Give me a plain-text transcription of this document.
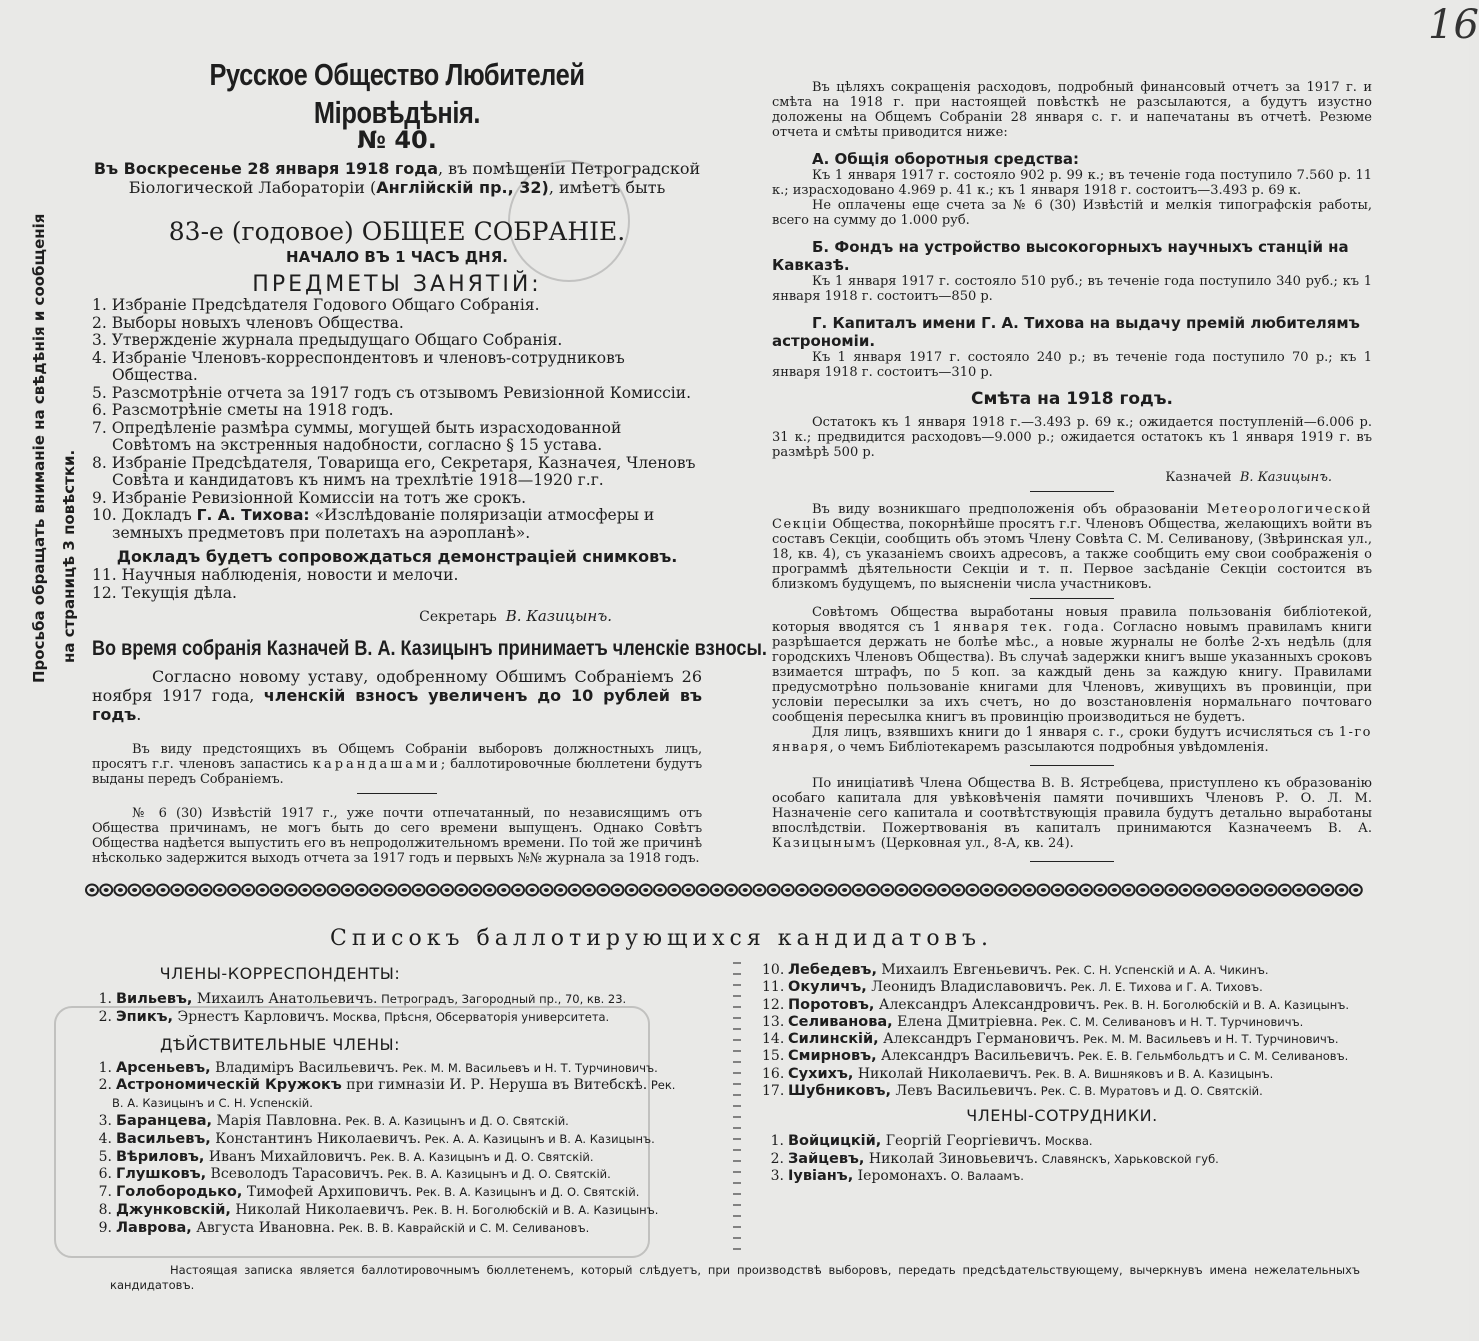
16
Просьба обращать вниманіе на свѣдѣнія и сообщенія на страницѣ 3 повѣстки.
Русское Общество Любителей Міровѣдѣнія.
№ 40.

Въ Воскресенье 28 января 1918 года, въ помѣщеніи Петроградской

Біологической Лабораторіи (Англійскій пр., 32), имѣетъ быть

83-е (годовое) ОБЩЕЕ СОБРАНІЕ.
НАЧАЛО ВЪ 1 ЧАСЪ ДНЯ.
ПРЕДМЕТЫ ЗАНЯТІЙ:
1. Избраніе Предсѣдателя Годового Общаго Собранія.
2. Выборы новыхъ членовъ Общества.
3. Утвержденіе журнала предыдущаго Общаго Собранія.
4. Избраніе Членовъ-корреспондентовъ и членовъ-сотрудниковъ Общества.
5. Разсмотрѣніе отчета за 1917 годъ съ отзывомъ Ревизіонной Комиссіи.
6. Разсмотрѣніе сметы на 1918 годъ.
7. Опредѣленіе размѣра суммы, могущей быть израсходованной Совѣтомъ на экстренныя надобности, согласно § 15 устава.
8. Избраніе Предсѣдателя, Товарища его, Секретаря, Казначея, Членовъ Совѣта и кандидатовъ къ нимъ на трехлѣтіе 1918—1920 г.г.
9. Избраніе Ревизіонной Комиссіи на тотъ же срокъ.
10. Докладъ Г. А. Тихова: «Изслѣдованіе поляризаціи атмосферы и земныхъ предметовъ при полетахъ на аэропланѣ».
Докладъ будетъ сопровождаться демонстраціей снимковъ.
11. Научныя наблюденія, новости и мелочи.
12. Текущія дѣла.
Секретарь В. Казицынъ.
Во время собранія Казначей В. А. Казицынъ принимаетъ членскіе взносы.

Согласно новому уставу, одобренному Обшимъ Собраніемъ 26 ноября 1917 года, членскій взносъ увеличенъ до 10 рублей въ годъ.

Въ виду предстоящихъ въ Общемъ Собраніи выборовъ должностныхъ лицъ, просятъ г.г. членовъ запастись карандашами; баллотировочные бюллетени будутъ выданы передъ Собраніемъ.

№ 6 (30) Извѣстій 1917 г., уже почти отпечатанный, по независящимъ отъ Общества причинамъ, не могъ быть до сего времени выпущенъ. Однако Совѣтъ Общества надѣется выпустить его въ непродолжительномъ времени. По той же причинѣ нѣсколько задержится выходъ отчета за 1917 годъ и первыхъ №№ журнала за 1918 годъ.

Въ цѣляхъ сокращенія расходовъ, подробный финансовый отчетъ за 1917 г. и смѣта на 1918 г. при настоящей повѣсткѣ не разсылаются, а будутъ изустно доложены на Общемъ Собраніи 28 января с. г. и напечатаны въ отчетѣ. Резюме отчета и смѣты приводится ниже:

А. Общія оборотныя средства:

Къ 1 января 1917 г. состояло 902 р. 99 к.; въ теченіе года поступило 7.560 р. 11 к.; израсходовано 4.969 р. 41 к.; къ 1 января 1918 г. состоитъ—3.493 р. 69 к.

Не оплачены еще счета за № 6 (30) Извѣстій и мелкія типографскія работы, всего на сумму до 1.000 руб.

Б. Фондъ на устройство высокогорныхъ научныхъ станцій на Кавказѣ.

Къ 1 января 1917 г. состояло 510 руб.; въ теченіе года поступило 340 руб.; къ 1 января 1918 г. состоитъ—850 р.

Г. Капиталъ имени Г. А. Тихова на выдачу премій любителямъ астрономіи.

Къ 1 января 1917 г. состояло 240 р.; въ теченіе года поступило 70 р.; къ 1 января 1918 г. состоитъ—310 р.

Смѣта на 1918 годъ.

Остатокъ къ 1 января 1918 г.—3.493 р. 69 к.; ожидается поступленій—6.006 р. 31 к.; предвидится расходовъ—9.000 р.; ожидается остатокъ къ 1 января 1919 г. въ размѣрѣ 500 р.

Казначей В. Казицынъ.

Въ виду возникшаго предположенія объ образованіи Метеорологической Секціи Общества, покорнѣйше просятъ г.г. Членовъ Общества, желающихъ войти въ составъ Секціи, сообщить объ этомъ Члену Совѣта С. М. Селиванову, (Звѣринская ул., 18, кв. 4), съ указаніемъ своихъ адресовъ, а также сообщить ему свои соображенія о программѣ дѣятельности Секціи и т. п. Первое засѣданіе Секціи состоится въ близкомъ будущемъ, по выясненіи числа участниковъ.

Совѣтомъ Общества выработаны новыя правила пользованія библіотекой, которыя вводятся съ 1 января тек. года. Согласно новымъ правиламъ книги разрѣшается держать не болѣе мѣс., а новые журналы не болѣе 2-хъ недѣль (для городскихъ Членовъ Общества). Въ случаѣ задержки книгъ выше указанныхъ сроковъ взимается штрафъ, по 5 коп. за каждый день за каждую книгу. Правилами предусмотрѣно пользованіе книгами для Членовъ, живущихъ въ провинціи, при условіи пересылки за ихъ счетъ, но до возстановленія нормальнаго почтоваго сообщенія пересылка книгъ въ провинцію производиться не будетъ.

Для лицъ, взявшихъ книги до 1 января с. г., сроки будутъ исчисляться съ 1-го января, о чемъ Библіотекаремъ разсылаются подробныя увѣдомленія.

По иниціативѣ Члена Общества В. В. Ястребцева, приступлено къ образованію особаго капитала для увѣковѣченія памяти почившихъ Членовъ Р. О. Л. М. Назначеніе сего капитала и соотвѣтствующія правила будутъ детально выработаны впослѣдствіи. Пожертвованія въ капиталъ принимаются Казначеемъ В. А. Казицынымъ (Церковная ул., 8-А, кв. 24).

Списокъ баллотирующихся кандидатовъ.
ЧЛЕНЫ-КОРРЕСПОНДЕНТЫ:
1. Вильевъ, Михаилъ Анатольевичъ. Петроградъ, Загородный пр., 70, кв. 23.
2. Эпикъ, Эрнестъ Карловичъ. Москва, Прѣсня, Обсерваторія университета.
ДѢЙСТВИТЕЛЬНЫЕ ЧЛЕНЫ:
1. Арсеньевъ, Владиміръ Васильевичъ. Рек. М. М. Васильевъ и Н. Т. Турчиновичъ.
2. Астрономическій Кружокъ при гимназіи И. Р. Неруша въ Витебскѣ. Рек. В. А. Казицынъ и С. Н. Успенскій.
3. Баранцева, Марія Павловна. Рек. В. А. Казицынъ и Д. О. Святскій.
4. Васильевъ, Константинъ Николаевичъ. Рек. А. А. Казицынъ и В. А. Казицынъ.
5. Вѣриловъ, Иванъ Михайловичъ. Рек. В. А. Казицынъ и Д. О. Святскій.
6. Глушковъ, Всеволодъ Тарасовичъ. Рек. В. А. Казицынъ и Д. О. Святскій.
7. Голобородько, Тимофей Архиповичъ. Рек. В. А. Казицынъ и Д. О. Святскій.
8. Джунковскій, Николай Николаевичъ. Рек. В. Н. Боголюбскій и В. А. Казицынъ.
9. Лаврова, Августа Ивановна. Рек. В. В. Каврайскій и С. М. Селивановъ.
10. Лебедевъ, Михаилъ Евгеньевичъ. Рек. С. Н. Успенскій и А. А. Чикинъ.
11. Окуличъ, Леонидъ Владиславовичъ. Рек. Л. Е. Тихова и Г. А. Тиховъ.
12. Поротовъ, Александръ Александровичъ. Рек. В. Н. Боголюбскій и В. А. Казицынъ.
13. Селиванова, Елена Дмитріевна. Рек. С. М. Селивановъ и Н. Т. Турчиновичъ.
14. Силинскій, Александръ Германовичъ. Рек. М. М. Васильевъ и Н. Т. Турчиновичъ.
15. Смирновъ, Александръ Васильевичъ. Рек. Е. В. Гельмбольдтъ и С. М. Селивановъ.
16. Сухихъ, Николай Николаевичъ. Рек. В. А. Вишняковъ и В. А. Казицынъ.
17. Шубниковъ, Левъ Васильевичъ. Рек. С. В. Муратовъ и Д. О. Святскій.
ЧЛЕНЫ-СОТРУДНИКИ.
1. Войцицкій, Георгій Георгіевичъ. Москва.
2. Зайцевъ, Николай Зиновьевичъ. Славянскъ, Харьковской губ.
3. Іувіанъ, Іеромонахъ. О. Валаамъ.

Настоящая записка является баллотировочнымъ бюллетенемъ, который слѣдуетъ, при производствѣ выборовъ, передать предсѣдательствующему, вычеркнувъ имена нежелательныхъ кандидатовъ.
